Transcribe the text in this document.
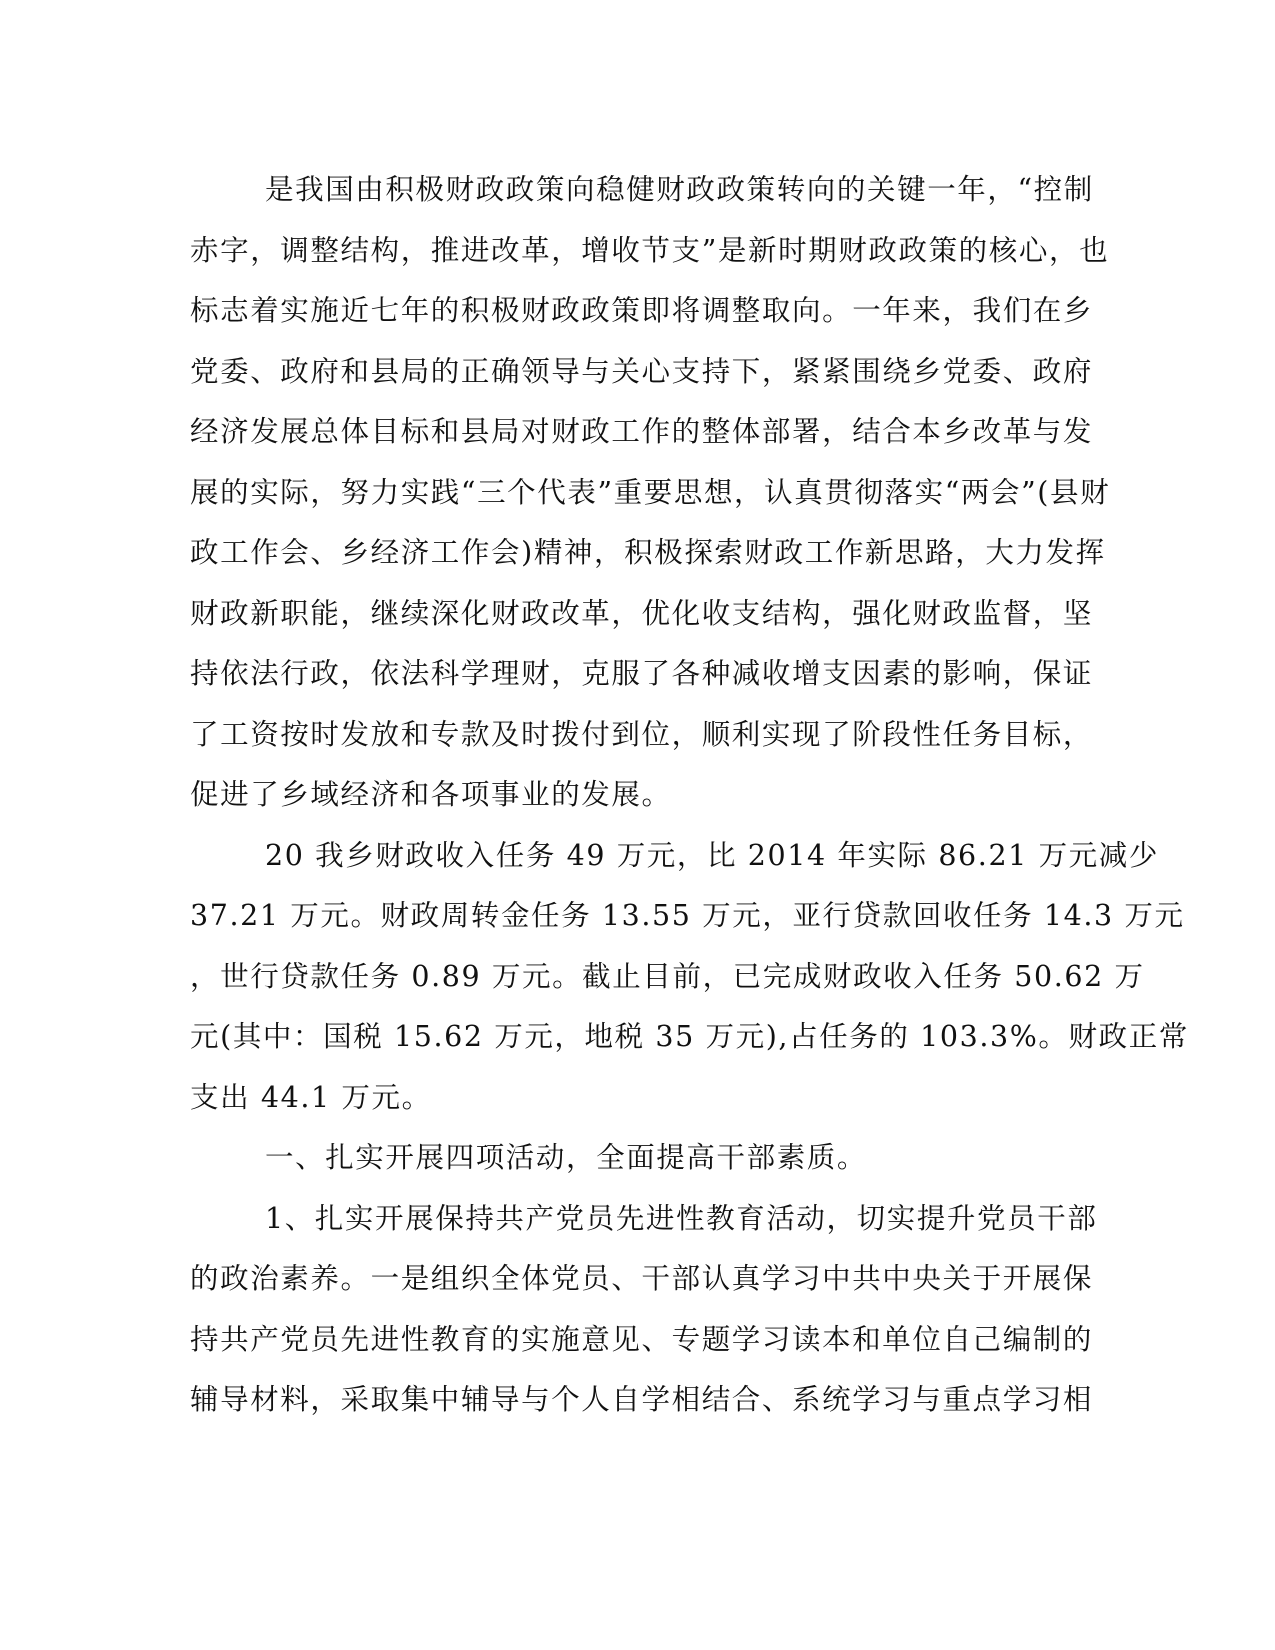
是我国由积极财政政策向稳健财政政策转向的关键一年，“控制
赤字，调整结构，推进改革，增收节支”是新时期财政政策的核心，也
标志着实施近七年的积极财政政策即将调整取向。一年来，我们在乡
党委、政府和县局的正确领导与关心支持下，紧紧围绕乡党委、政府
经济发展总体目标和县局对财政工作的整体部署，结合本乡改革与发
展的实际，努力实践“三个代表”重要思想，认真贯彻落实“两会”(县财
政工作会、乡经济工作会)精神，积极探索财政工作新思路，大力发挥
财政新职能，继续深化财政改革，优化收支结构，强化财政监督，坚
持依法行政，依法科学理财，克服了各种减收增支因素的影响，保证
了工资按时发放和专款及时拨付到位，顺利实现了阶段性任务目标，
促进了乡域经济和各项事业的发展。
20 我乡财政收入任务 49 万元，比 2014 年实际 86.21 万元减少
37.21 万元。财政周转金任务 13.55 万元，亚行贷款回收任务 14.3 万元
，世行贷款任务 0.89 万元。截止目前，已完成财政收入任务 50.62 万
元(其中：国税 15.62 万元，地税 35 万元),占任务的 103.3%。财政正常
支出 44.1 万元。
一、扎实开展四项活动，全面提高干部素质。
1、扎实开展保持共产党员先进性教育活动，切实提升党员干部
的政治素养。一是组织全体党员、干部认真学习中共中央关于开展保
持共产党员先进性教育的实施意见、专题学习读本和单位自己编制的
辅导材料，采取集中辅导与个人自学相结合、系统学习与重点学习相
